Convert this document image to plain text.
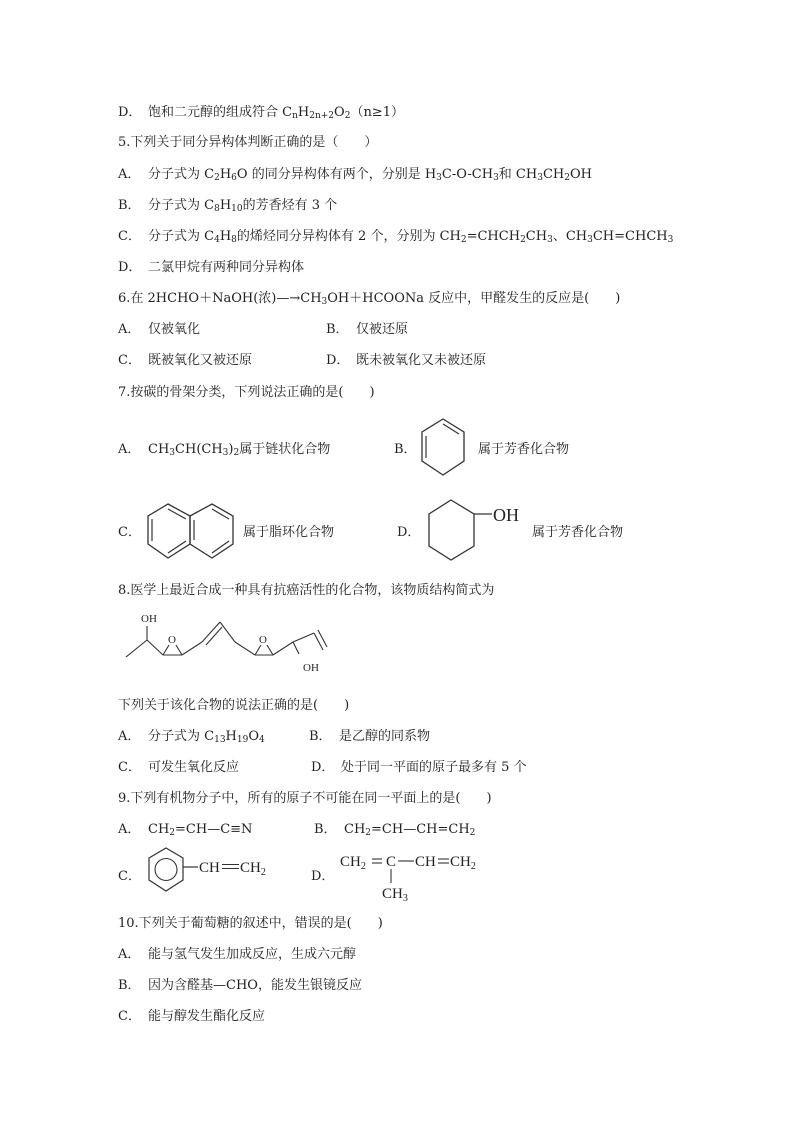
D． 饱和二元醇的组成符合 $C_nH_{2n+2}O_2(n\ge 1)$
5.下列关于同分异构体判断正确的是（　　）
A． 分子式为 $C_2H_6O$ 的同分异构体有两个，分别是 $H_3C-O-CH_3$和 $CH_3CH_2OH$
B． 分子式为 $C_8H_{10}$的芳香烃有 3 个
C． 分子式为 $C_4H_8$的烯烃同分异构体有 2 个，分别为 $CH_2=CHCH_2CH_3$、$CH_3CH=CHCH_3$
D． 二氯甲烷有两种同分异构体
6.在 2HCHO＋NaOH(浓)$—\to CH_3OH+HCOONa$ 反应中，甲醛发生的反应是(　　)
A． 仅被氧化	B． 仅被还原
C． 既被氧化又被还原	D． 既未被氧化又未被还原
7.按碳的骨架分类，下列说法正确的是(　　)
A． $CH_3CH(CH_3)_2$属于链状化合物	B．	属于芳香化合物
C．	属于脂环化合物	D．
OH
属于芳香化合物
8.医学上最近合成一种具有抗癌活性的化合物，该物质结构简式为
OH
O	O
OH
下列关于该化合物的说法正确的是(　　)
A． 分子式为 $C_{13}H_{19}O_4$	B． 是乙醇的同系物
C． 可发生氧化反应	D． 处于同一平面的原子最多有 5 个
9.下列有机物分子中，所有的原子不可能在同一平面上的是(　　)
A． $CH_2=CH—C\equiv N$	B． $CH_2=CH—CH=CH_2$
C．
CH $CH_2$	D．
$CH_2$ C CH $CH_2$
$CH_3$
10.下列关于葡萄糖的叙述中，错误的是(　　)
A． 能与氢气发生加成反应，生成六元醇
B． 因为含醛基—CHO，能发生银镜反应
C． 能与醇发生酯化反应
